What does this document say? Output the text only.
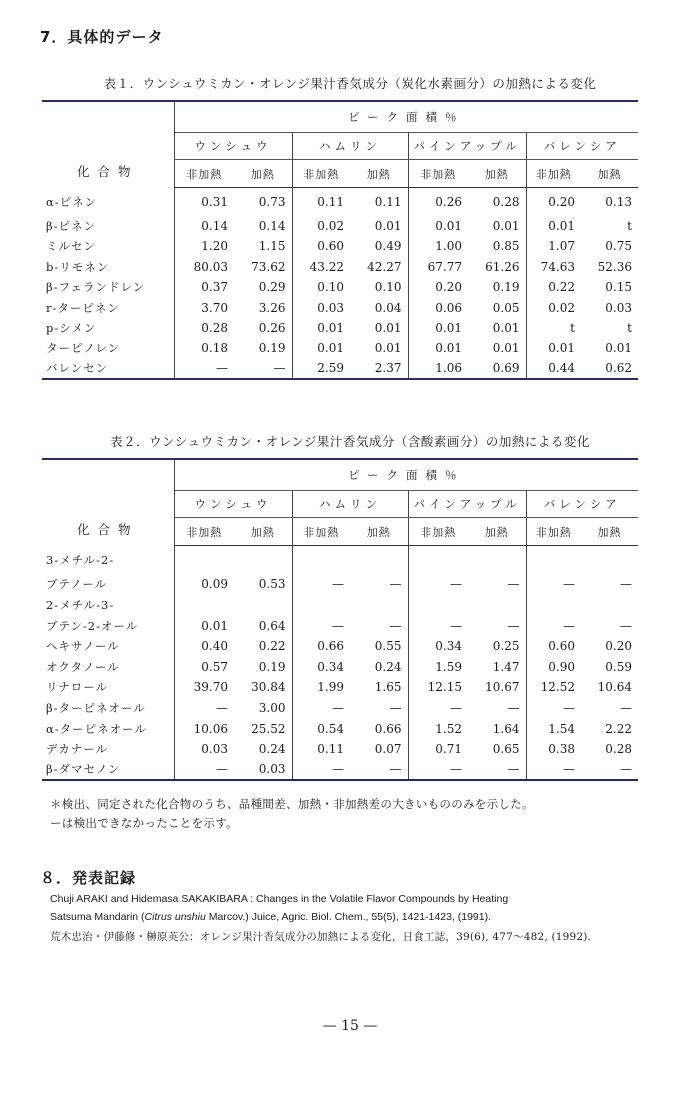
7．具体的データ
表１．ウンシュウミカン・オレンジ果汁香気成分（炭化水素画分）の加熱による変化

化合物	ピーク面積％							
	ウンシュウ		ハムリン		パインアップル		バレンシア	
	非加熱	加熱	非加熱	加熱	非加熱	加熱	非加熱	加熱
α-ピネン	0.31	0.73	0.11	0.11	0.26	0.28	0.20	0.13
β-ピネン	0.14	0.14	0.02	0.01	0.01	0.01	0.01	t
ミルセン	1.20	1.15	0.60	0.49	1.00	0.85	1.07	0.75
b-リモネン	80.03	73.62	43.22	42.27	67.77	61.26	74.63	52.36
β-フェランドレン	0.37	0.29	0.10	0.10	0.20	0.19	0.22	0.15
r-ターピネン	3.70	3.26	0.03	0.04	0.06	0.05	0.02	0.03
p-シメン	0.28	0.26	0.01	0.01	0.01	0.01	t	t
ターピノレン	0.18	0.19	0.01	0.01	0.01	0.01	0.01	0.01
バレンセン	—	—	2.59	2.37	1.06	0.69	0.44	0.62
表２．ウンシュウミカン・オレンジ果汁香気成分（含酸素画分）の加熱による変化

化合物	ピーク面積％							
	ウンシュウ		ハムリン		パインアップル		バレンシア	
	非加熱	加熱	非加熱	加熱	非加熱	加熱	非加熱	加熱
3-メチル-2-								
ブテノール	0.09	0.53	—	—	—	—	—	—
2-メチル-3-								
ブテン-2-オール	0.01	0.64	—	—	—	—	—	—
ヘキサノール	0.40	0.22	0.66	0.55	0.34	0.25	0.60	0.20
オクタノール	0.57	0.19	0.34	0.24	1.59	1.47	0.90	0.59
リナロール	39.70	30.84	1.99	1.65	12.15	10.67	12.52	10.64
β-ターピネオール	—	3.00	—	—	—	—	—	—
α-ターピネオール	10.06	25.52	0.54	0.66	1.52	1.64	1.54	2.22
デカナール	0.03	0.24	0.11	0.07	0.71	0.65	0.38	0.28
β-ダマセノン	—	0.03	—	—	—	—	—	—
＊検出、同定された化合物のうち、品種間差、加熱・非加熱差の大きいもののみを示した。
ーは検出できなかったことを示す。
８．発表記録
Chuji ARAKI and Hidemasa SAKAKIBARA : Changes in the Volatile Flavor Compounds by Heating
Satsuma Mandarin (Citrus unshiu Marcov.) Juice, Agric. Biol. Chem., 55(5), 1421-1423, (1991).
荒木忠治・伊藤修・榊原英公：オレンジ果汁香気成分の加熱による変化，日食工誌，39(6), 477～482, (1992).
— 15 —
